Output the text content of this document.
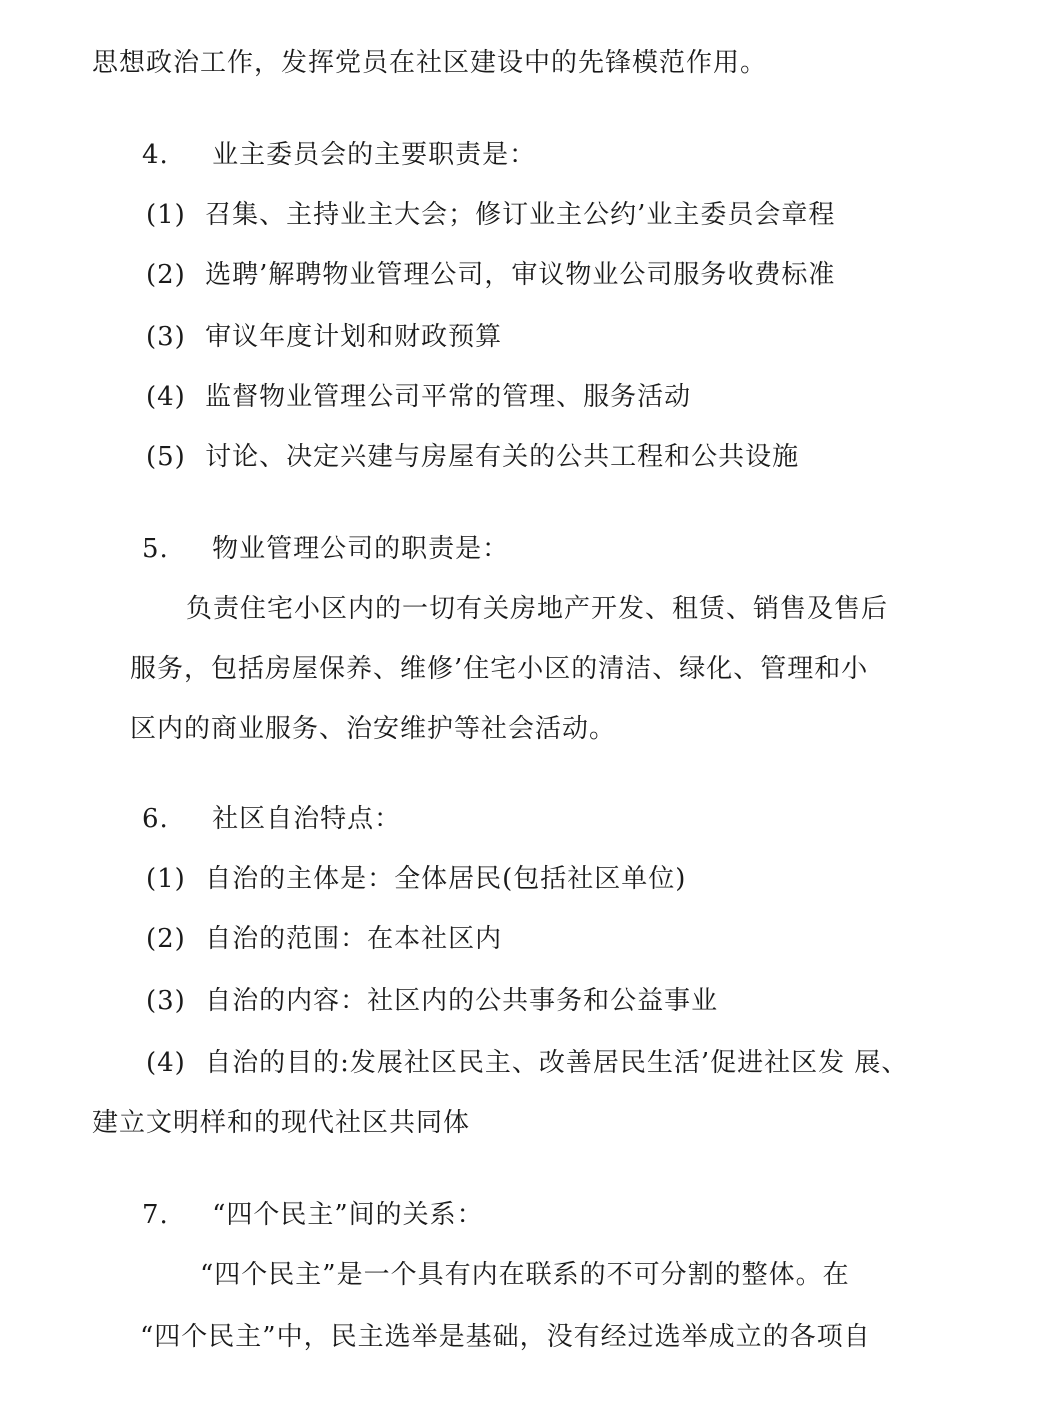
思想政治工作，发挥党员在社区建设中的先锋模范作用。
4. 业主委员会的主要职责是：
(1) 召集、主持业主大会；修订业主公约’业主委员会章程
(2) 选聘’解聘物业管理公司，审议物业公司服务收费标准
(3) 审议年度计划和财政预算
(4) 监督物业管理公司平常的管理、服务活动
(5) 讨论、决定兴建与房屋有关的公共工程和公共设施
5. 物业管理公司的职责是：
负责住宅小区内的一切有关房地产开发、租赁、销售及售后
服务，包括房屋保养、维修’住宅小区的清洁、绿化、管理和小
区内的商业服务、治安维护等社会活动。
6. 社区自治特点：
(1) 自治的主体是：全体居民(包括社区单位)
(2) 自治的范围：在本社区内
(3) 自治的内容：社区内的公共事务和公益事业
(4) 自治的目的:发展社区民主、改善居民生活’促进社区发 展、
建立文明样和的现代社区共同体
7. “四个民主”间的关系：
“四个民主”是一个具有内在联系的不可分割的整体。在
“四个民主”中，民主选举是基础，没有经过选举成立的各项自
